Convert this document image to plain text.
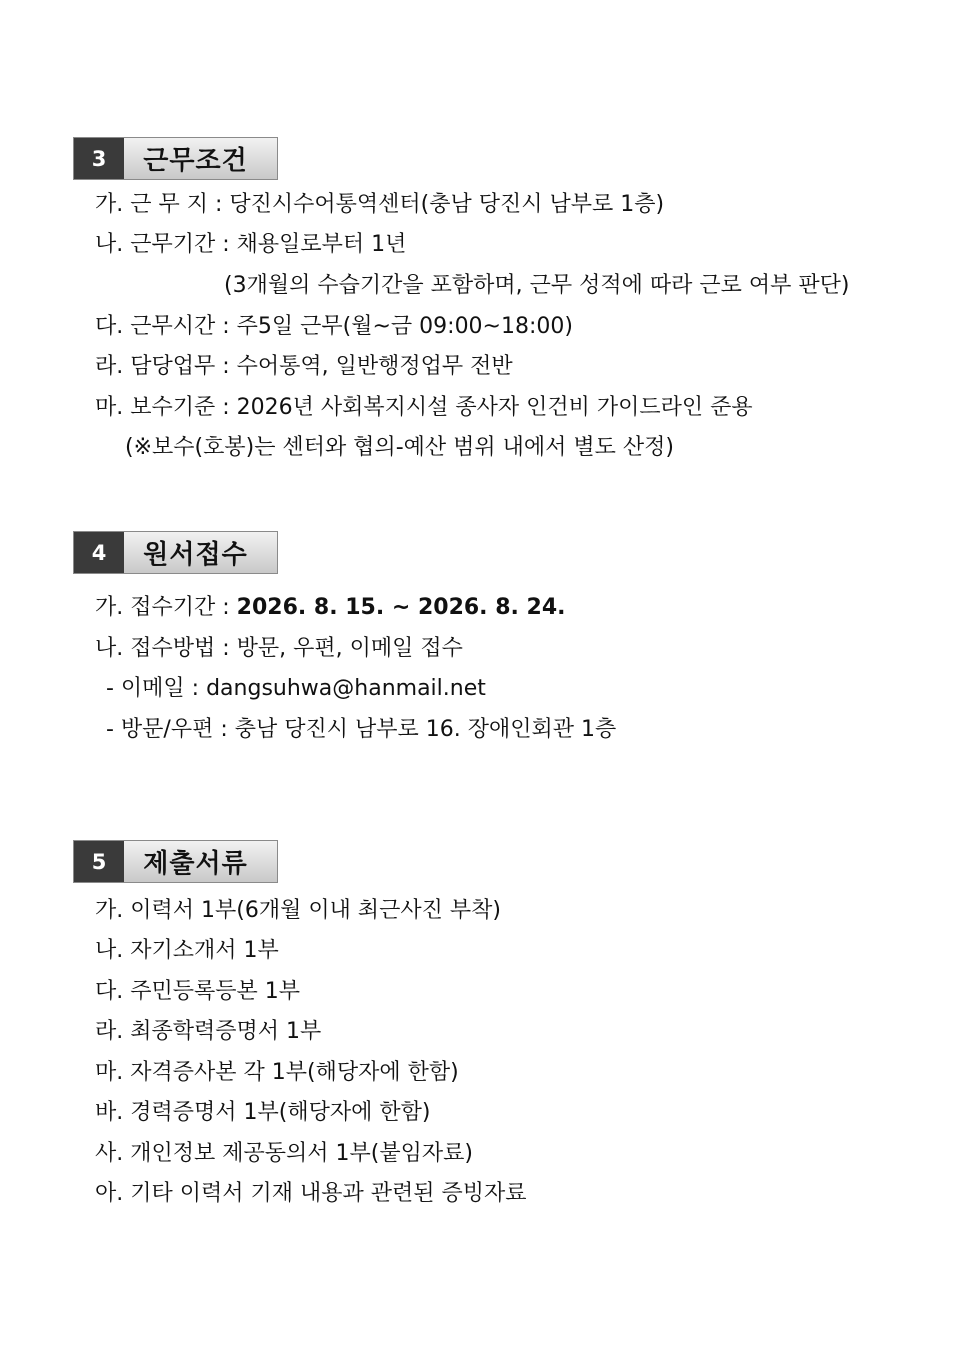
3	근무조건
가. 근 무 지 : 당진시수어통역센터(충남 당진시 남부로 1층)
나. 근무기간 : 채용일로부터 1년
(3개월의 수습기간을 포함하며, 근무 성적에 따라 근로 여부 판단)
다. 근무시간 : 주5일 근무(월~금 09:00~18:00)
라. 담당업무 : 수어통역, 일반행정업무 전반
마. 보수기준 : 2026년 사회복지시설 종사자 인건비 가이드라인 준용
(※보수(호봉)는 센터와 협의-예산 범위 내에서 별도 산정)
4	원서접수
가. 접수기간 : 2026. 8. 15. ~ 2026. 8. 24.
나. 접수방법 : 방문, 우편, 이메일 접수
- 이메일 : dangsuhwa@hanmail.net
- 방문/우편 : 충남 당진시 남부로 16. 장애인회관 1층
5	제출서류
가. 이력서 1부(6개월 이내 최근사진 부착)
나. 자기소개서 1부
다. 주민등록등본 1부
라. 최종학력증명서 1부
마. 자격증사본 각 1부(해당자에 한함)
바. 경력증명서 1부(해당자에 한함)
사. 개인정보 제공동의서 1부(붙임자료)
아. 기타 이력서 기재 내용과 관련된 증빙자료
